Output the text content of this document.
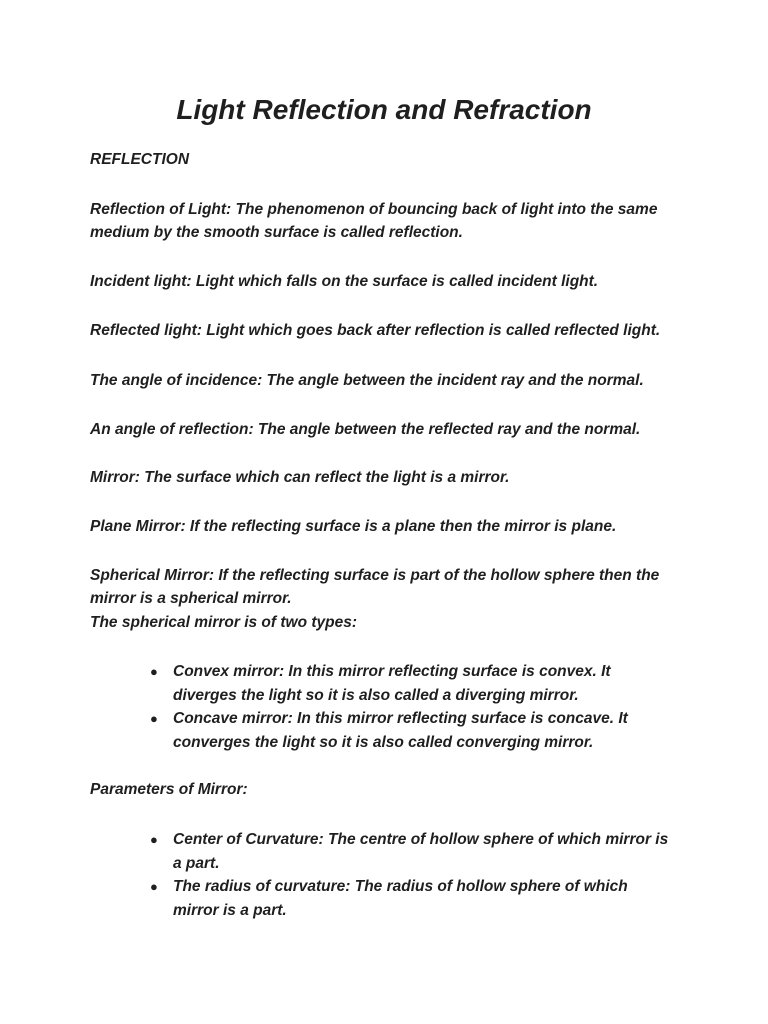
Light Reflection and Refraction

REFLECTION

Reflection of Light: The phenomenon of bouncing back of light into the same medium by the smooth surface is called reflection.

Incident light: Light which falls on the surface is called incident light.

Reflected light: Light which goes back after reflection is called reflected light.

The angle of incidence: The angle between the incident ray and the normal.

An angle of reflection: The angle between the reflected ray and the normal.

Mirror: The surface which can reflect the light is a mirror.

Plane Mirror: If the reflecting surface is a plane then the mirror is plane.

Spherical Mirror: If the reflecting surface is part of the hollow sphere then the mirror is a spherical mirror.

The spherical mirror is of two types:

● Convex mirror: In this mirror reflecting surface is convex. It diverges the light so it is also called a diverging mirror.
● Concave mirror: In this mirror reflecting surface is concave. It converges the light so it is also called converging mirror.

Parameters of Mirror:

● Center of Curvature: The centre of hollow sphere of which mirror is a part.
● The radius of curvature: The radius of hollow sphere of which mirror is a part.
